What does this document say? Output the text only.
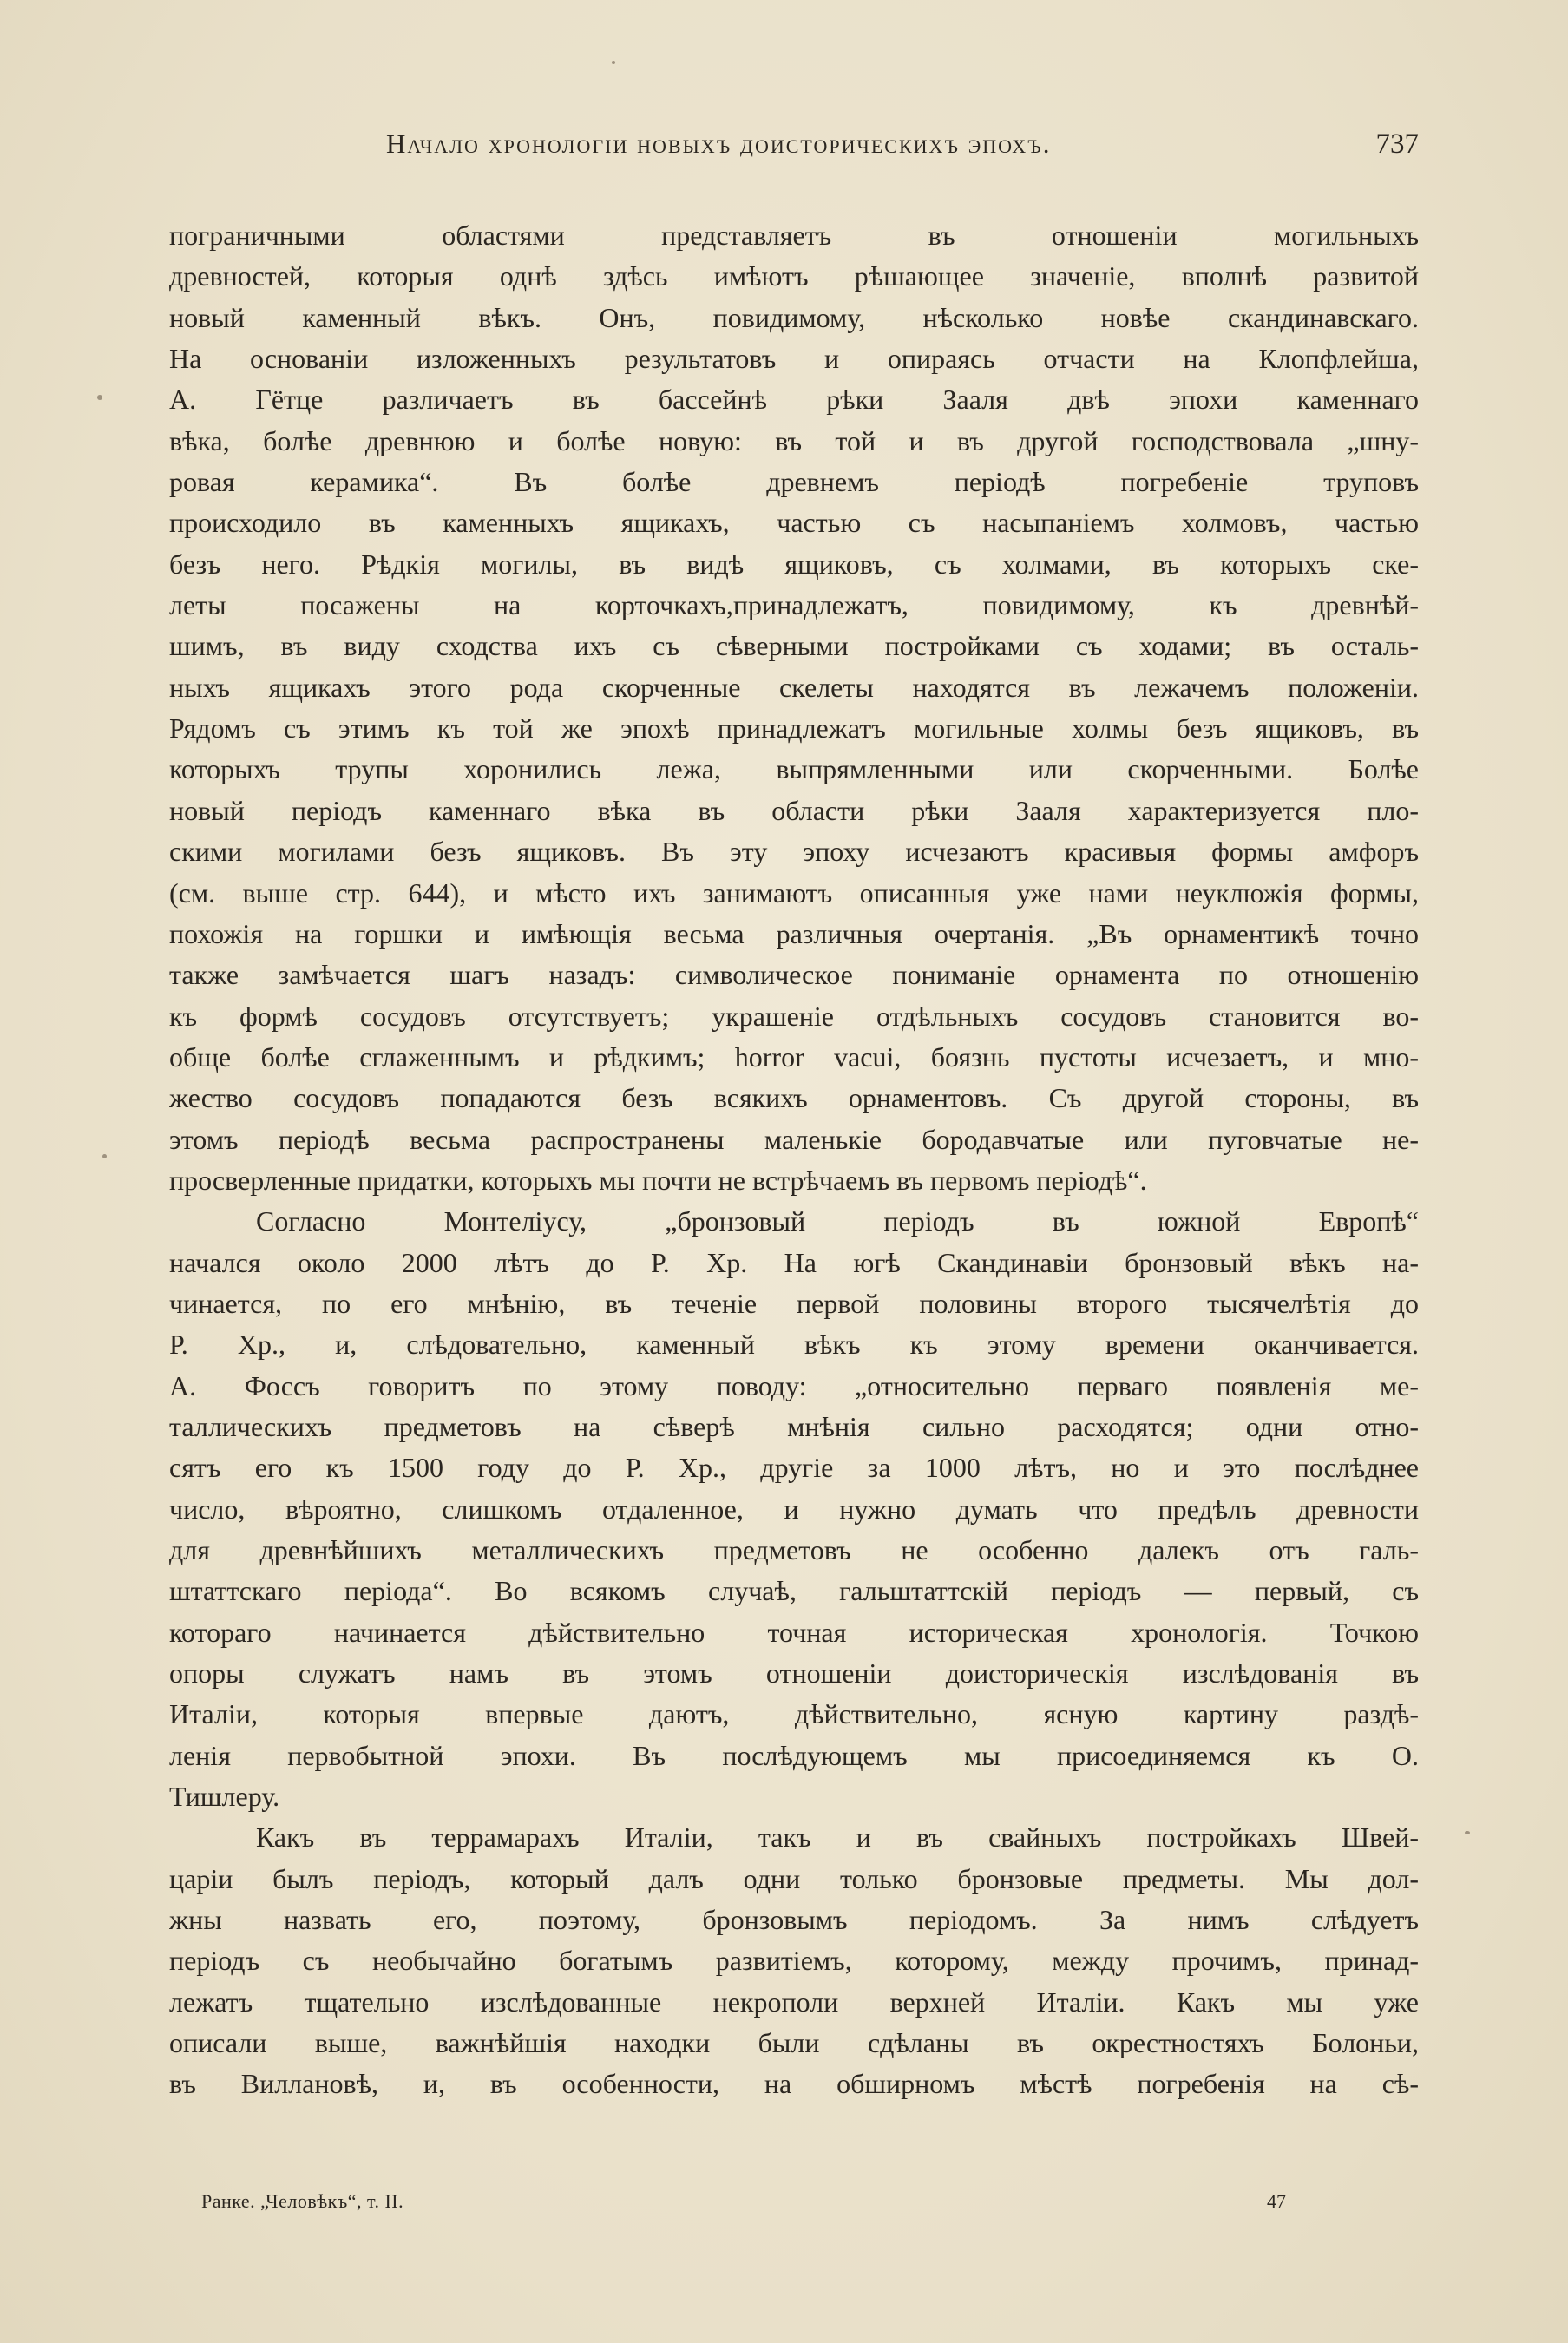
Начало хронологіи новыхъ доисторическихъ эпохъ.	737
пограничными областями представляетъ въ отношеніи могильныхъ
древностей, которыя однѣ здѣсь имѣютъ рѣшающее значеніе, вполнѣ развитой
новый каменный вѣкъ. Онъ, повидимому, нѣсколько новѣе скандинавскаго.
На основаніи изложенныхъ результатовъ и опираясь отчасти на Клопфлейша,
А. Гётце различаетъ въ бассейнѣ рѣки Зааля двѣ эпохи каменнаго
вѣка, болѣе древнюю и болѣе новую: въ той и въ другой господствовала „шну-
ровая керамика“. Въ болѣе древнемъ періодѣ погребеніе труповъ
происходило въ каменныхъ ящикахъ, частью съ насыпаніемъ холмовъ, частью
безъ него. Рѣдкія могилы, въ видѣ ящиковъ, съ холмами, въ которыхъ ске-
леты посажены на корточкахъ,принадлежатъ, повидимому, къ древнѣй-
шимъ, въ виду сходства ихъ съ сѣверными постройками съ ходами; въ осталь-
ныхъ ящикахъ этого рода скорченные скелеты находятся въ лежачемъ положеніи.
Рядомъ съ этимъ къ той же эпохѣ принадлежатъ могильные холмы безъ ящиковъ, въ
которыхъ трупы хоронились лежа, выпрямленными или скорченными. Болѣе
новый періодъ каменнаго вѣка въ области рѣки Зааля характеризуется пло-
скими могилами безъ ящиковъ. Въ эту эпоху исчезаютъ красивыя формы амфоръ
(см. выше стр. 644), и мѣсто ихъ занимаютъ описанныя уже нами неуклюжія формы,
похожія на горшки и имѣющія весьма различныя очертанія. „Въ орнаментикѣ точно
также замѣчается шагъ назадъ: символическое пониманіе орнамента по отношенію
къ формѣ сосудовъ отсутствуетъ; украшеніе отдѣльныхъ сосудовъ становится во-
обще болѣе сглаженнымъ и рѣдкимъ; horror vacui, боязнь пустоты исчезаетъ, и мно-
жество сосудовъ попадаются безъ всякихъ орнаментовъ. Съ другой стороны, въ
этомъ періодѣ весьма распространены маленькіе бородавчатые или пуговчатые не-
просверленные придатки, которыхъ мы почти не встрѣчаемъ въ первомъ періодѣ“.
Согласно Монтеліусу, „бронзовый періодъ въ южной Европѣ“
начался около 2000 лѣтъ до Р. Хр. На югѣ Скандинавіи бронзовый вѣкъ на-
чинается, по его мнѣнію, въ теченіе первой половины второго тысячелѣтія до
Р. Хр., и, слѣдовательно, каменный вѣкъ къ этому времени оканчивается.
А. Фоссъ говоритъ по этому поводу: „относительно перваго появленія ме-
таллическихъ предметовъ на сѣверѣ мнѣнія сильно расходятся; одни отно-
сятъ его къ 1500 году до Р. Хр., другіе за 1000 лѣтъ, но и это послѣднее
число, вѣроятно, слишкомъ отдаленное, и нужно думать что предѣлъ древности
для древнѣйшихъ металлическихъ предметовъ не особенно далекъ отъ галь-
штаттскаго періода“. Во всякомъ случаѣ, гальштаттскій періодъ — первый, съ
котораго начинается дѣйствительно точная историческая хронологія. Точкою
опоры служатъ намъ въ этомъ отношеніи доисторическія изслѣдованія въ
Италіи, которыя впервые даютъ, дѣйствительно, ясную картину раздѣ-
ленія первобытной эпохи. Въ послѣдующемъ мы присоединяемся къ О.
Тишлеру.
Какъ въ террамарахъ Италіи, такъ и въ свайныхъ постройкахъ Швей-
царіи былъ періодъ, который далъ одни только бронзовые предметы. Мы дол-
жны назвать его, поэтому, бронзовымъ періодомъ. За нимъ слѣдуетъ
періодъ съ необычайно богатымъ развитіемъ, которому, между прочимъ, принад-
лежатъ тщательно изслѣдованные некрополи верхней Италіи. Какъ мы уже
описали выше, важнѣйшія находки были сдѣланы въ окрестностяхъ Болоньи,
въ Виллановѣ, и, въ особенности, на обширномъ мѣстѣ погребенія на сѣ-
Ранке. „Человѣкъ“, т. II.	47
